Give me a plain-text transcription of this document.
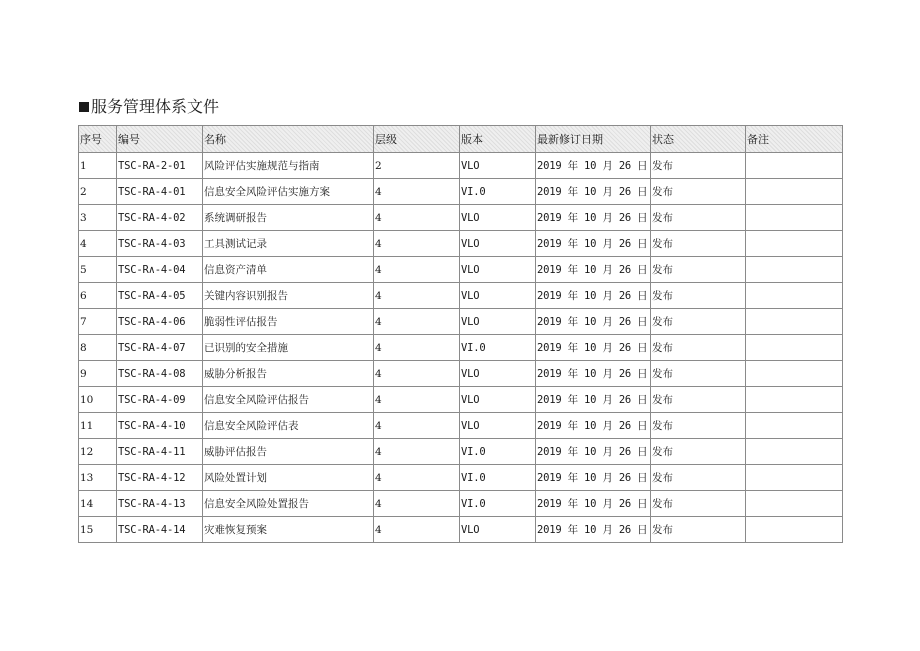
服务管理体系文件
序号	编号	名称	层级	版本	最新修订日期	状态	备注
1	TSC-RA-2-01	风险评估实施规范与指南	2	VLO	2019 年 10 月 26 日	发布	
2	TSC-RA-4-01	信息安全风险评估实施方案	4	VI.0	2019 年 10 月 26 日	发布	
3	TSC-RA-4-02	系统调研报告	4	VLO	2019 年 10 月 26 日	发布	
4	TSC-RA-4-03	工具测试记录	4	VLO	2019 年 10 月 26 日	发布	
5	TSC-R∧-4-04	信息资产清单	4	VLO	2019 年 10 月 26 日	发布	
6	TSC-RA-4-05	关键内容识别报告	4	VLO	2019 年 10 月 26 日	发布	
7	TSC-RA-4-06	脆弱性评估报告	4	VLO	2019 年 10 月 26 日	发布	
8	TSC-RA-4-07	已识别的安全措施	4	VI.0	2019 年 10 月 26 日	发布	
9	TSC-RA-4-08	威胁分析报告	4	VLO	2019 年 10 月 26 日	发布	
10	TSC-RA-4-09	信息安全风险评估报告	4	VLO	2019 年 10 月 26 日	发布	
11	TSC-RA-4-10	信息安全风险评估表	4	VLO	2019 年 10 月 26 日	发布	
12	TSC-RA-4-11	威胁评估报告	4	VI.0	2019 年 10 月 26 日	发布	
13	TSC-RA-4-12	风险处置计划	4	VI.0	2019 年 10 月 26 日	发布	
14	TSC-RA-4-13	信息安全风险处置报告	4	VI.0	2019 年 10 月 26 日	发布	
15	TSC-RA-4-14	灾难恢复预案	4	VLO	2019 年 10 月 26 日	发布	
